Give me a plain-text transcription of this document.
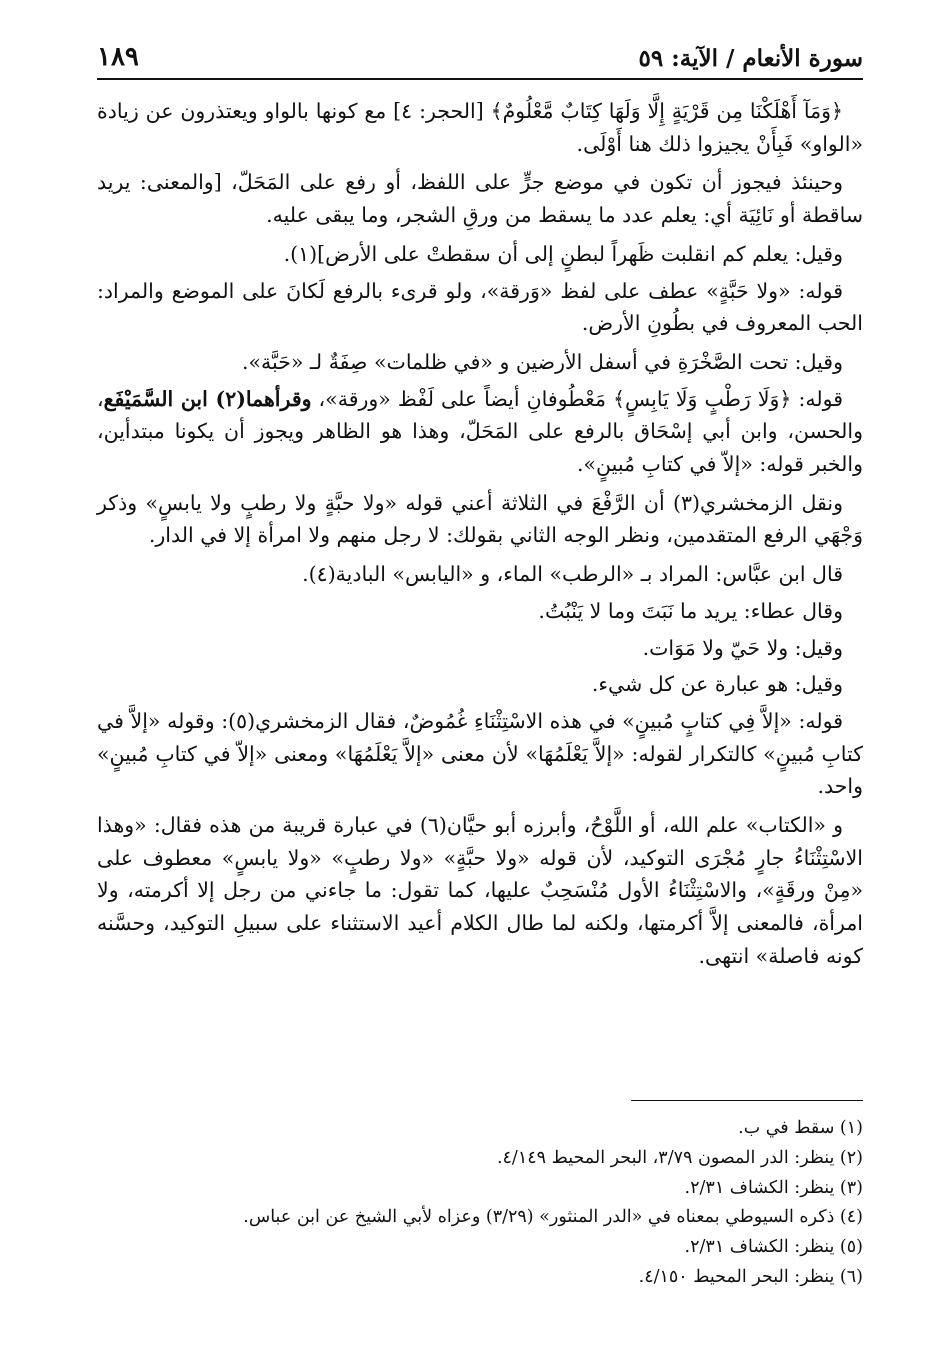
سورة الأنعام / الآية: ٥٩
١٨٩

﴿وَمَآ أَهْلَكْنَا مِن قَرْيَةٍ إِلَّا وَلَهَا كِتَابٌ مَّعْلُومٌ﴾ [الحجر: ٤] مع كونها بالواو ويعتذرون عن زيادة «الواو» فَبِأَنْ يجيزوا ذلك هنا أَوْلَى.

وحينئذ فيجوز أن تكون في موضع جرٍّ على اللفظ، أو رفع على المَحَلّ، [والمعنى: يريد ساقطة أو نَائِيَة أي: يعلم عدد ما يسقط من ورقِ الشجر، وما يبقى عليه.

وقيل: يعلم كم انقلبت ظَهراً لبطنٍ إلى أن سقطتْ على الأرض](١).

قوله: «ولا حَبَّةٍ» عطف على لفظ «وَرقة»، ولو قرىء بالرفع لَكانَ على الموضع والمراد: الحب المعروف في بطُونِ الأرض.

وقيل: تحت الصَّخْرَةِ في أسفل الأرضين و «في ظلمات» صِفَةٌ لـ «حَبَّة».

قوله: ﴿وَلَا رَطْبٍ وَلَا يَابِسٍ﴾ مَعْطُوفانِ أيضاً على لَفْظ «ورقة»، وقرأهما(٢) ابن السَّمَيْفَع، والحسن، وابن أبي إسْحَاق بالرفع على المَحَلّ، وهذا هو الظاهر ويجوز أن يكونا مبتدأين، والخبر قوله: «إلاّ في كتابِ مُبينٍ».

ونقل الزمخشري(٣) أن الرَّفْعَ في الثلاثة أعني قوله «ولا حبَّةٍ ولا رطبٍ ولا يابسٍ» وذكر وَجْهَي الرفع المتقدمين، ونظر الوجه الثاني بقولك: لا رجل منهم ولا امرأة إلا في الدار.

قال ابن عبَّاس: المراد بـ «الرطب» الماء، و «اليابس» البادية(٤).

وقال عطاء: يريد ما نَبَتَ وما لا يَنْبُتُ.

وقيل: ولا حَيّ ولا مَوَات.

وقيل: هو عبارة عن كل شيء.

قوله: «إلاَّ فِي كتابٍ مُبينٍ» في هذه الاسْتِثْنَاءِ غُمُوضٌ، فقال الزمخشري(٥): وقوله «إلاَّ في كتابِ مُبينٍ» كالتكرار لقوله: «إلاَّ يَعْلَمُهَا» لأن معنى «إلاَّ يَعْلَمُهَا» ومعنى «إلاّ في كتابِ مُبينٍ» واحد.

و «الكتاب» علم الله، أو اللَّوْحُ، وأبرزه أبو حيَّان(٦) في عبارة قريبة من هذه فقال: «وهذا الاسْتِثْنَاءُ جارٍ مُجْرَى التوكيد، لأن قوله «ولا حبَّةٍ» «ولا رطبٍ» «ولا يابسٍ» معطوف على «مِنْ ورقَةٍ»، والاسْتِثْنَاءُ الأول مُنْسَحِبٌ عليها، كما تقول: ما جاءني من رجل إلا أكرمته، ولا امرأة، فالمعنى إلاَّ أكرمتها، ولكنه لما طال الكلام أعيد الاستثناء على سبيلِ التوكيد، وحسَّنه كونه فاصلة» انتهى.

(١) سقط في ب.
(٢) ينظر: الدر المصون ٣/٧٩، البحر المحيط ٤/١٤٩.
(٣) ينظر: الكشاف ٢/٣١.
(٤) ذكره السيوطي بمعناه في «الدر المنثور» (٣/٢٩) وعزاه لأبي الشيخ عن ابن عباس.
(٥) ينظر: الكشاف ٢/٣١.
(٦) ينظر: البحر المحيط ٤/١٥٠.
